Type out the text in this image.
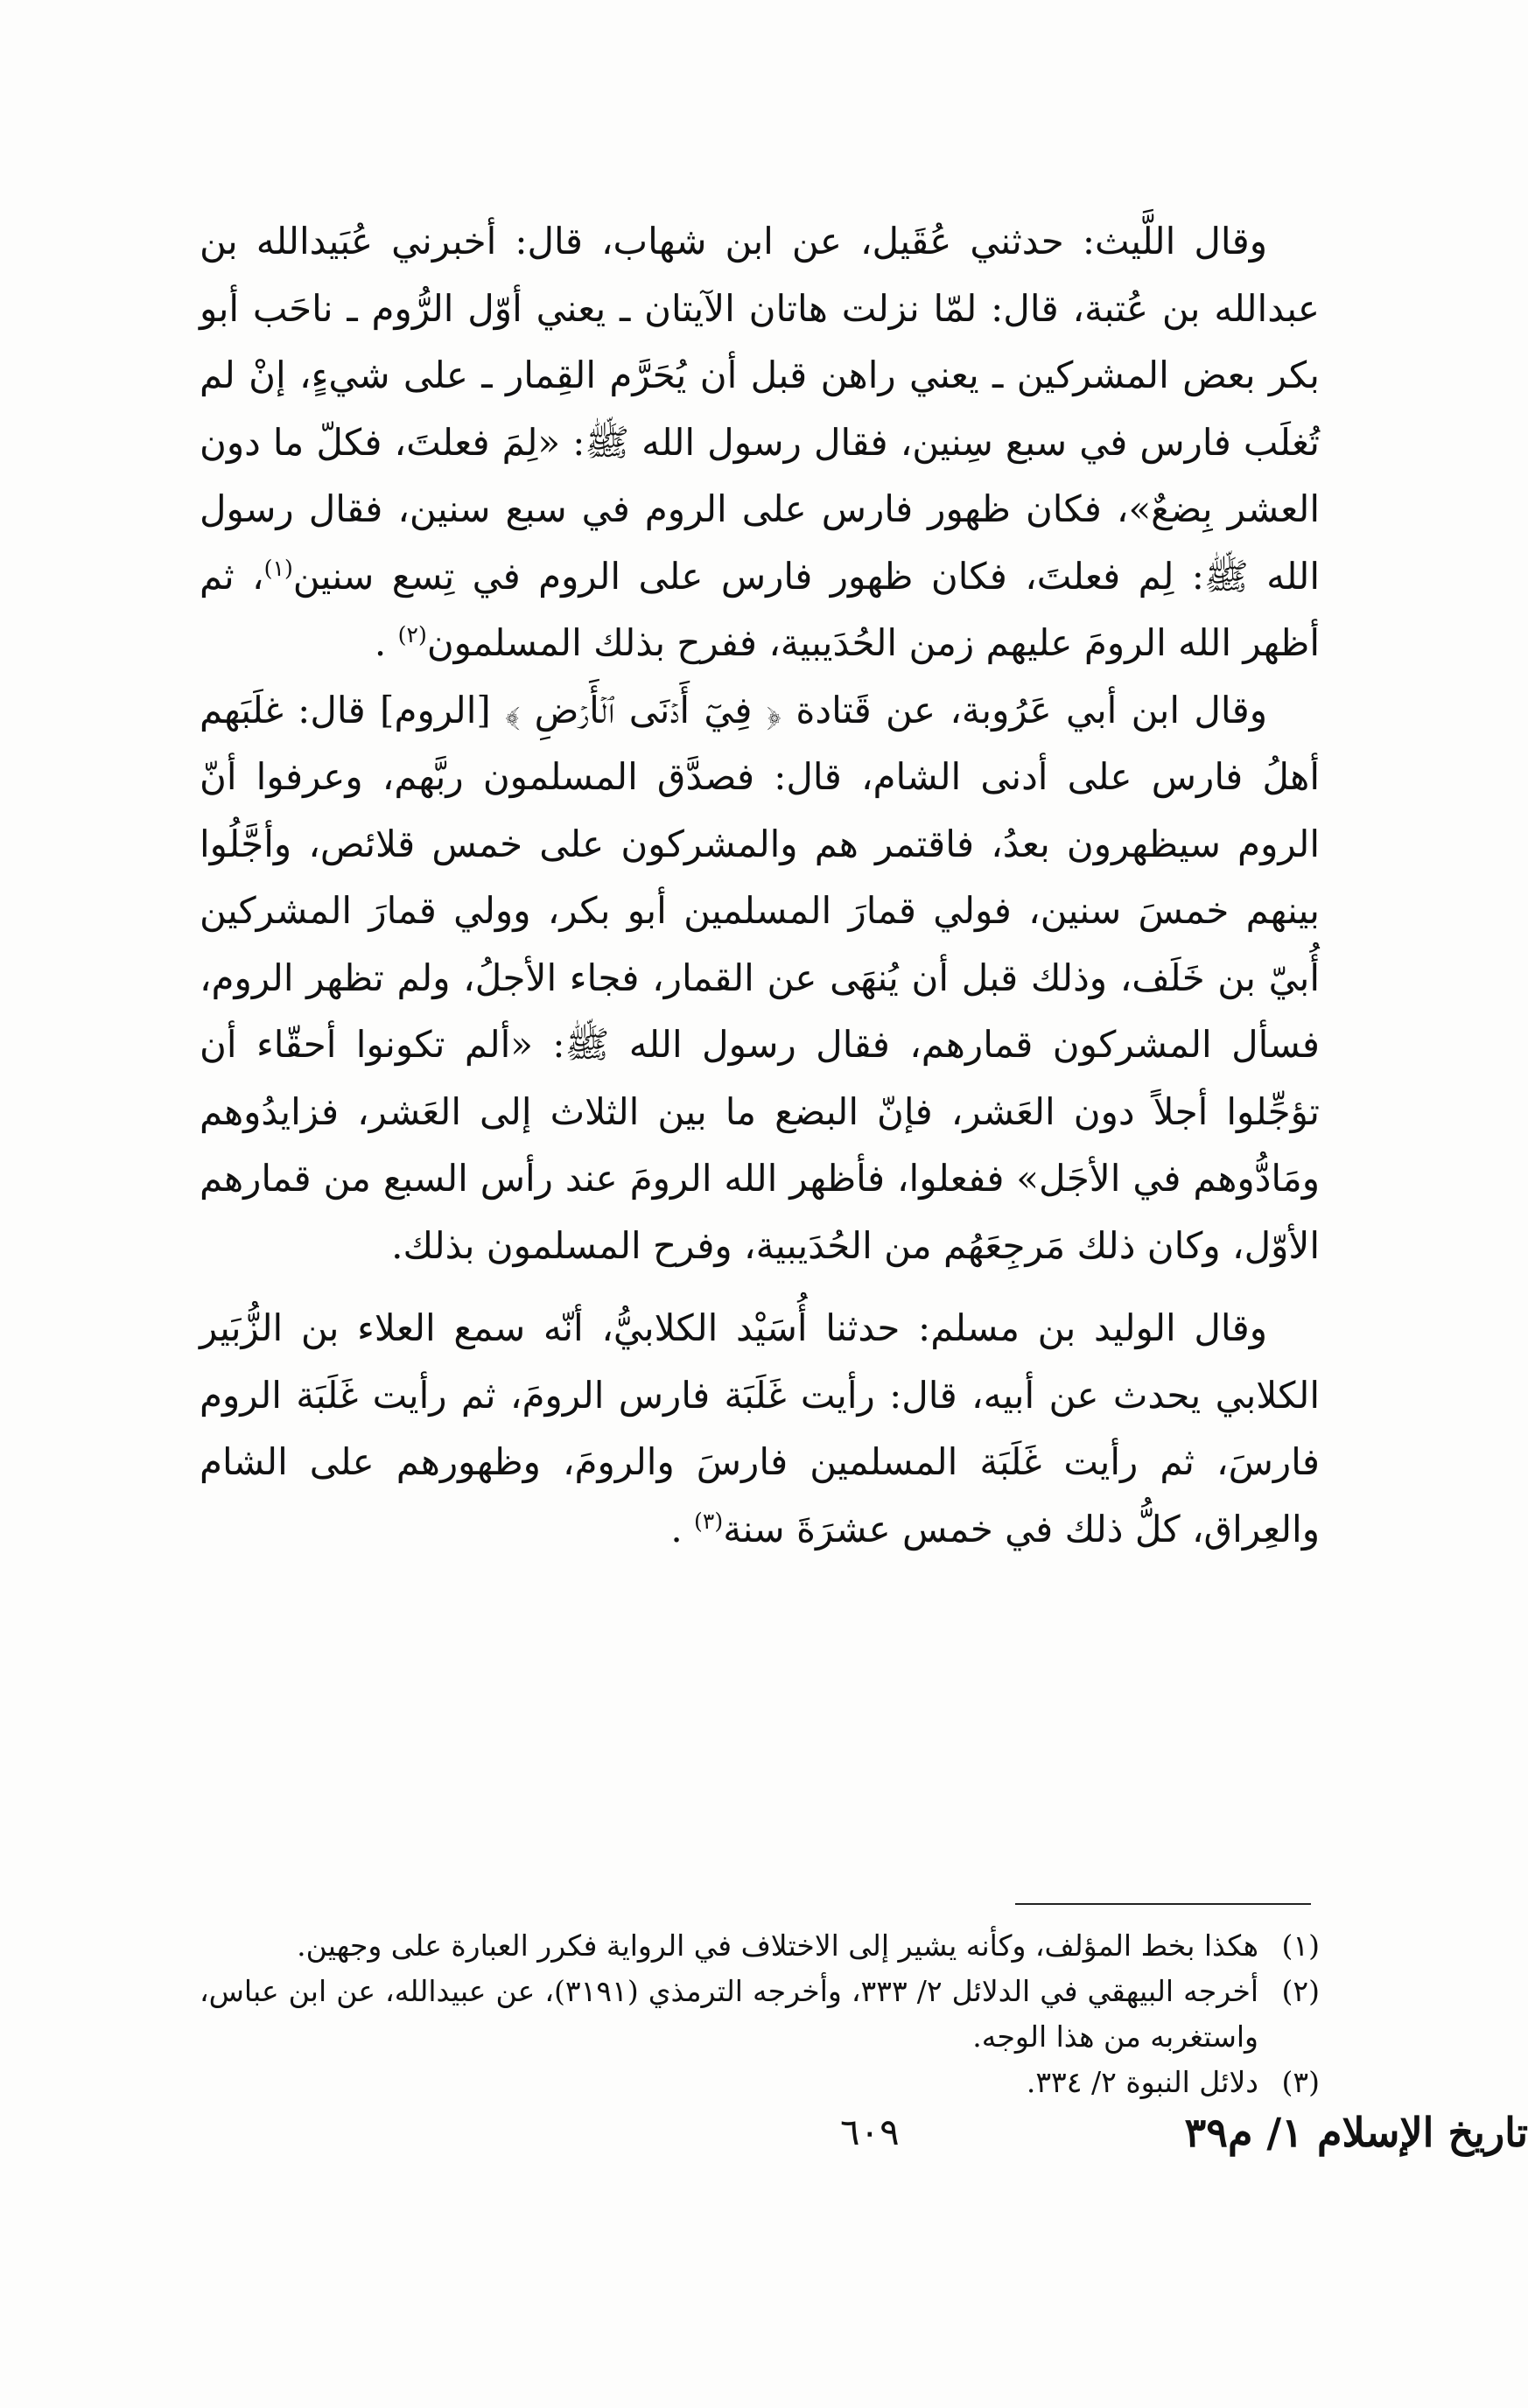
وقال اللَّيث: حدثني عُقَيل، عن ابن شهاب، قال: أخبرني عُبَيدالله بن عبدالله بن عُتبة، قال: لمّا نزلت هاتان الآيتان ـ يعني أوّل الرُّوم ـ ناحَب أبو بكر بعض المشركين ـ يعني راهن قبل أن يُحَرَّم القِمار ـ على شيءٍ، إنْ لم تُغلَب فارس في سبع سِنين، فقال رسول الله ﷺ: «لِمَ فعلتَ، فكلّ ما دون العشر بِضعٌ»، فكان ظهور فارس على الروم في سبع سنين، فقال رسول الله ﷺ: لِم فعلتَ، فكان ظهور فارس على الروم في تِسع سنين$^{(١)}$، ثم أظهر الله الرومَ عليهم زمن الحُدَيبية، ففرح بذلك المسلمون$^{(٢)}$ .

وقال ابن أبي عَرُوبة، عن قَتادة ﴿ فِيٓ أَدۡنَى ٱلۡأَرۡضِ ﴾ [الروم] قال: غلَبَهم أهلُ فارس على أدنى الشام، قال: فصدَّق المسلمون ربَّهم، وعرفوا أنّ الروم سيظهرون بعدُ، فاقتمر هم والمشركون على خمس قلائص، وأجَّلُوا بينهم خمسَ سنين، فولي قمارَ المسلمين أبو بكر، وولي قمارَ المشركين أُبيّ بن خَلَف، وذلك قبل أن يُنهَى عن القمار، فجاء الأجلُ، ولم تظهر الروم، فسأل المشركون قمارهم، فقال رسول الله ﷺ: «ألم تكونوا أحقّاء أن تؤجِّلوا أجلاً دون العَشر، فإنّ البضع ما بين الثلاث إلى العَشر، فزايدُوهم ومَادُّوهم في الأجَل» ففعلوا، فأظهر الله الرومَ عند رأس السبع من قمارهم الأوّل، وكان ذلك مَرجِعَهُم من الحُدَيبية، وفرح المسلمون بذلك.

وقال الوليد بن مسلم: حدثنا أُسَيْد الكلابيُّ، أنّه سمع العلاء بن الزُّبَير الكلابي يحدث عن أبيه، قال: رأيت غَلَبَة فارس الرومَ، ثم رأيت غَلَبَة الروم فارسَ، ثم رأيت غَلَبَة المسلمين فارسَ والرومَ، وظهورهم على الشام والعِراق، كلُّ ذلك في خمس عشرَةَ سنة$^{(٣)}$ .

(١)
هكذا بخط المؤلف، وكأنه يشير إلى الاختلاف في الرواية فكرر العبارة على وجهين.
(٢)
أخرجه البيهقي في الدلائل ٢/ ٣٣٣، وأخرجه الترمذي (٣١٩١)، عن عبيدالله، عن ابن عباس، واستغربه من هذا الوجه.
(٣)
دلائل النبوة ٢/ ٣٣٤.
تاريخ الإسلام ١/ م٣٩
٦٠٩
